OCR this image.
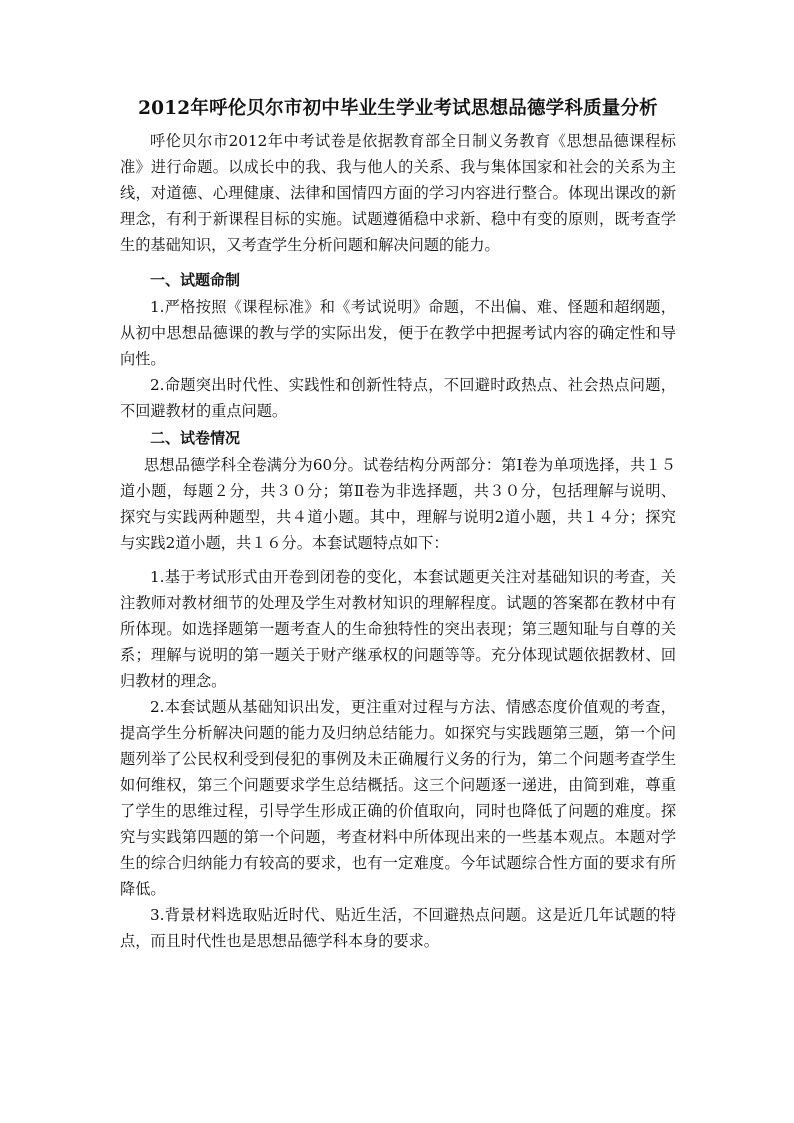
2012年呼伦贝尔市初中毕业生学业考试思想品德学科质量分析

呼伦贝尔市2012年中考试卷是依据教育部全日制义务教育《思想品德课程标准》进行命题。以成长中的我、我与他人的关系、我与集体国家和社会的关系为主线，对道德、心理健康、法律和国情四方面的学习内容进行整合。体现出课改的新理念，有利于新课程目标的实施。试题遵循稳中求新、稳中有变的原则，既考查学生的基础知识，又考查学生分析问题和解决问题的能力。

一、试题命制

1.严格按照《课程标准》和《考试说明》命题，不出偏、难、怪题和超纲题，从初中思想品德课的教与学的实际出发，便于在教学中把握考试内容的确定性和导向性。

2.命题突出时代性、实践性和创新性特点，不回避时政热点、社会热点问题，不回避教材的重点问题。

二、试卷情况

思想品德学科全卷满分为60分。试卷结构分两部分：第Ⅰ卷为单项选择，共１５道小题，每题２分，共３０分；第Ⅱ卷为非选择题，共３０分，包括理解与说明、探究与实践两种题型，共４道小题。其中，理解与说明2道小题，共１４分；探究与实践2道小题，共１６分。本套试题特点如下：

1.基于考试形式由开卷到闭卷的变化，本套试题更关注对基础知识的考查，关注教师对教材细节的处理及学生对教材知识的理解程度。试题的答案都在教材中有所体现。如选择题第一题考查人的生命独特性的突出表现；第三题知耻与自尊的关系；理解与说明的第一题关于财产继承权的问题等等。充分体现试题依据教材、回归教材的理念。

2.本套试题从基础知识出发，更注重对过程与方法、情感态度价值观的考查，提高学生分析解决问题的能力及归纳总结能力。如探究与实践题第三题，第一个问题列举了公民权利受到侵犯的事例及未正确履行义务的行为，第二个问题考查学生如何维权，第三个问题要求学生总结概括。这三个问题逐一递进，由简到难，尊重了学生的思维过程，引导学生形成正确的价值取向，同时也降低了问题的难度。探究与实践第四题的第一个问题，考查材料中所体现出来的一些基本观点。本题对学生的综合归纳能力有较高的要求，也有一定难度。今年试题综合性方面的要求有所降低。

3.背景材料选取贴近时代、贴近生活，不回避热点问题。这是近几年试题的特点，而且时代性也是思想品德学科本身的要求。
